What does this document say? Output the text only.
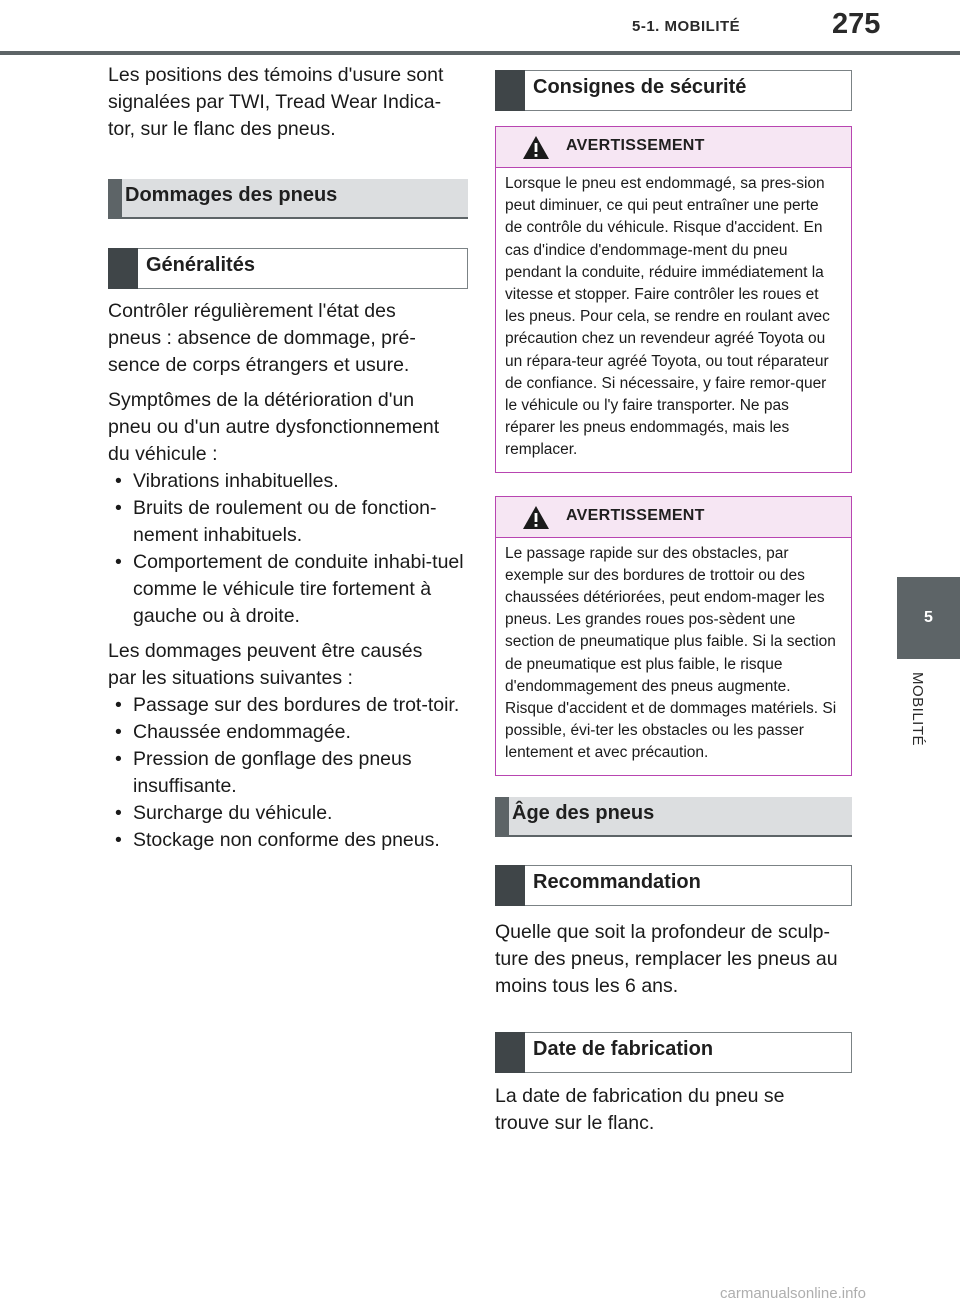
5-1. MOBILITÉ	275
5
MOBILITÉ

Les positions des témoins d'usure sont signalées par TWI, Tread Wear Indica-tor, sur le flanc des pneus.

Dommages des pneus
Généralités

Contrôler régulièrement l'état des pneus : absence de dommage, pré-sence de corps étrangers et usure.

Symptômes de la détérioration d'un pneu ou d'un autre dysfonctionnement du véhicule :

• Vibrations inhabituelles.
• Bruits de roulement ou de fonction-nement inhabituels.
• Comportement de conduite inhabi-tuel comme le véhicule tire fortement à gauche ou à droite.

Les dommages peuvent être causés par les situations suivantes :

• Passage sur des bordures de trot-toir.
• Chaussée endommagée.
• Pression de gonflage des pneus insuffisante.
• Surcharge du véhicule.
• Stockage non conforme des pneus.
Consignes de sécurité
AVERTISSEMENT
Lorsque le pneu est endommagé, sa pres-sion peut diminuer, ce qui peut entraîner une perte de contrôle du véhicule. Risque d'accident. En cas d'indice d'endommage-ment du pneu pendant la conduite, réduire immédiatement la vitesse et stopper. Faire contrôler les roues et les pneus. Pour cela, se rendre en roulant avec précaution chez un revendeur agréé Toyota ou un répara-teur agréé Toyota, ou tout réparateur de confiance. Si nécessaire, y faire remor-quer le véhicule ou l'y faire transporter. Ne pas réparer les pneus endommagés, mais les remplacer.
AVERTISSEMENT
Le passage rapide sur des obstacles, par exemple sur des bordures de trottoir ou des chaussées détériorées, peut endom-mager les pneus. Les grandes roues pos-sèdent une section de pneumatique plus faible. Si la section de pneumatique est plus faible, le risque d'endommagement des pneus augmente. Risque d'accident et de dommages matériels. Si possible, évi-ter les obstacles ou les passer lentement et avec précaution.
Âge des pneus
Recommandation

Quelle que soit la profondeur de sculp-ture des pneus, remplacer les pneus au moins tous les 6 ans.

Date de fabrication

La date de fabrication du pneu se trouve sur le flanc.

carmanualsonline.info
